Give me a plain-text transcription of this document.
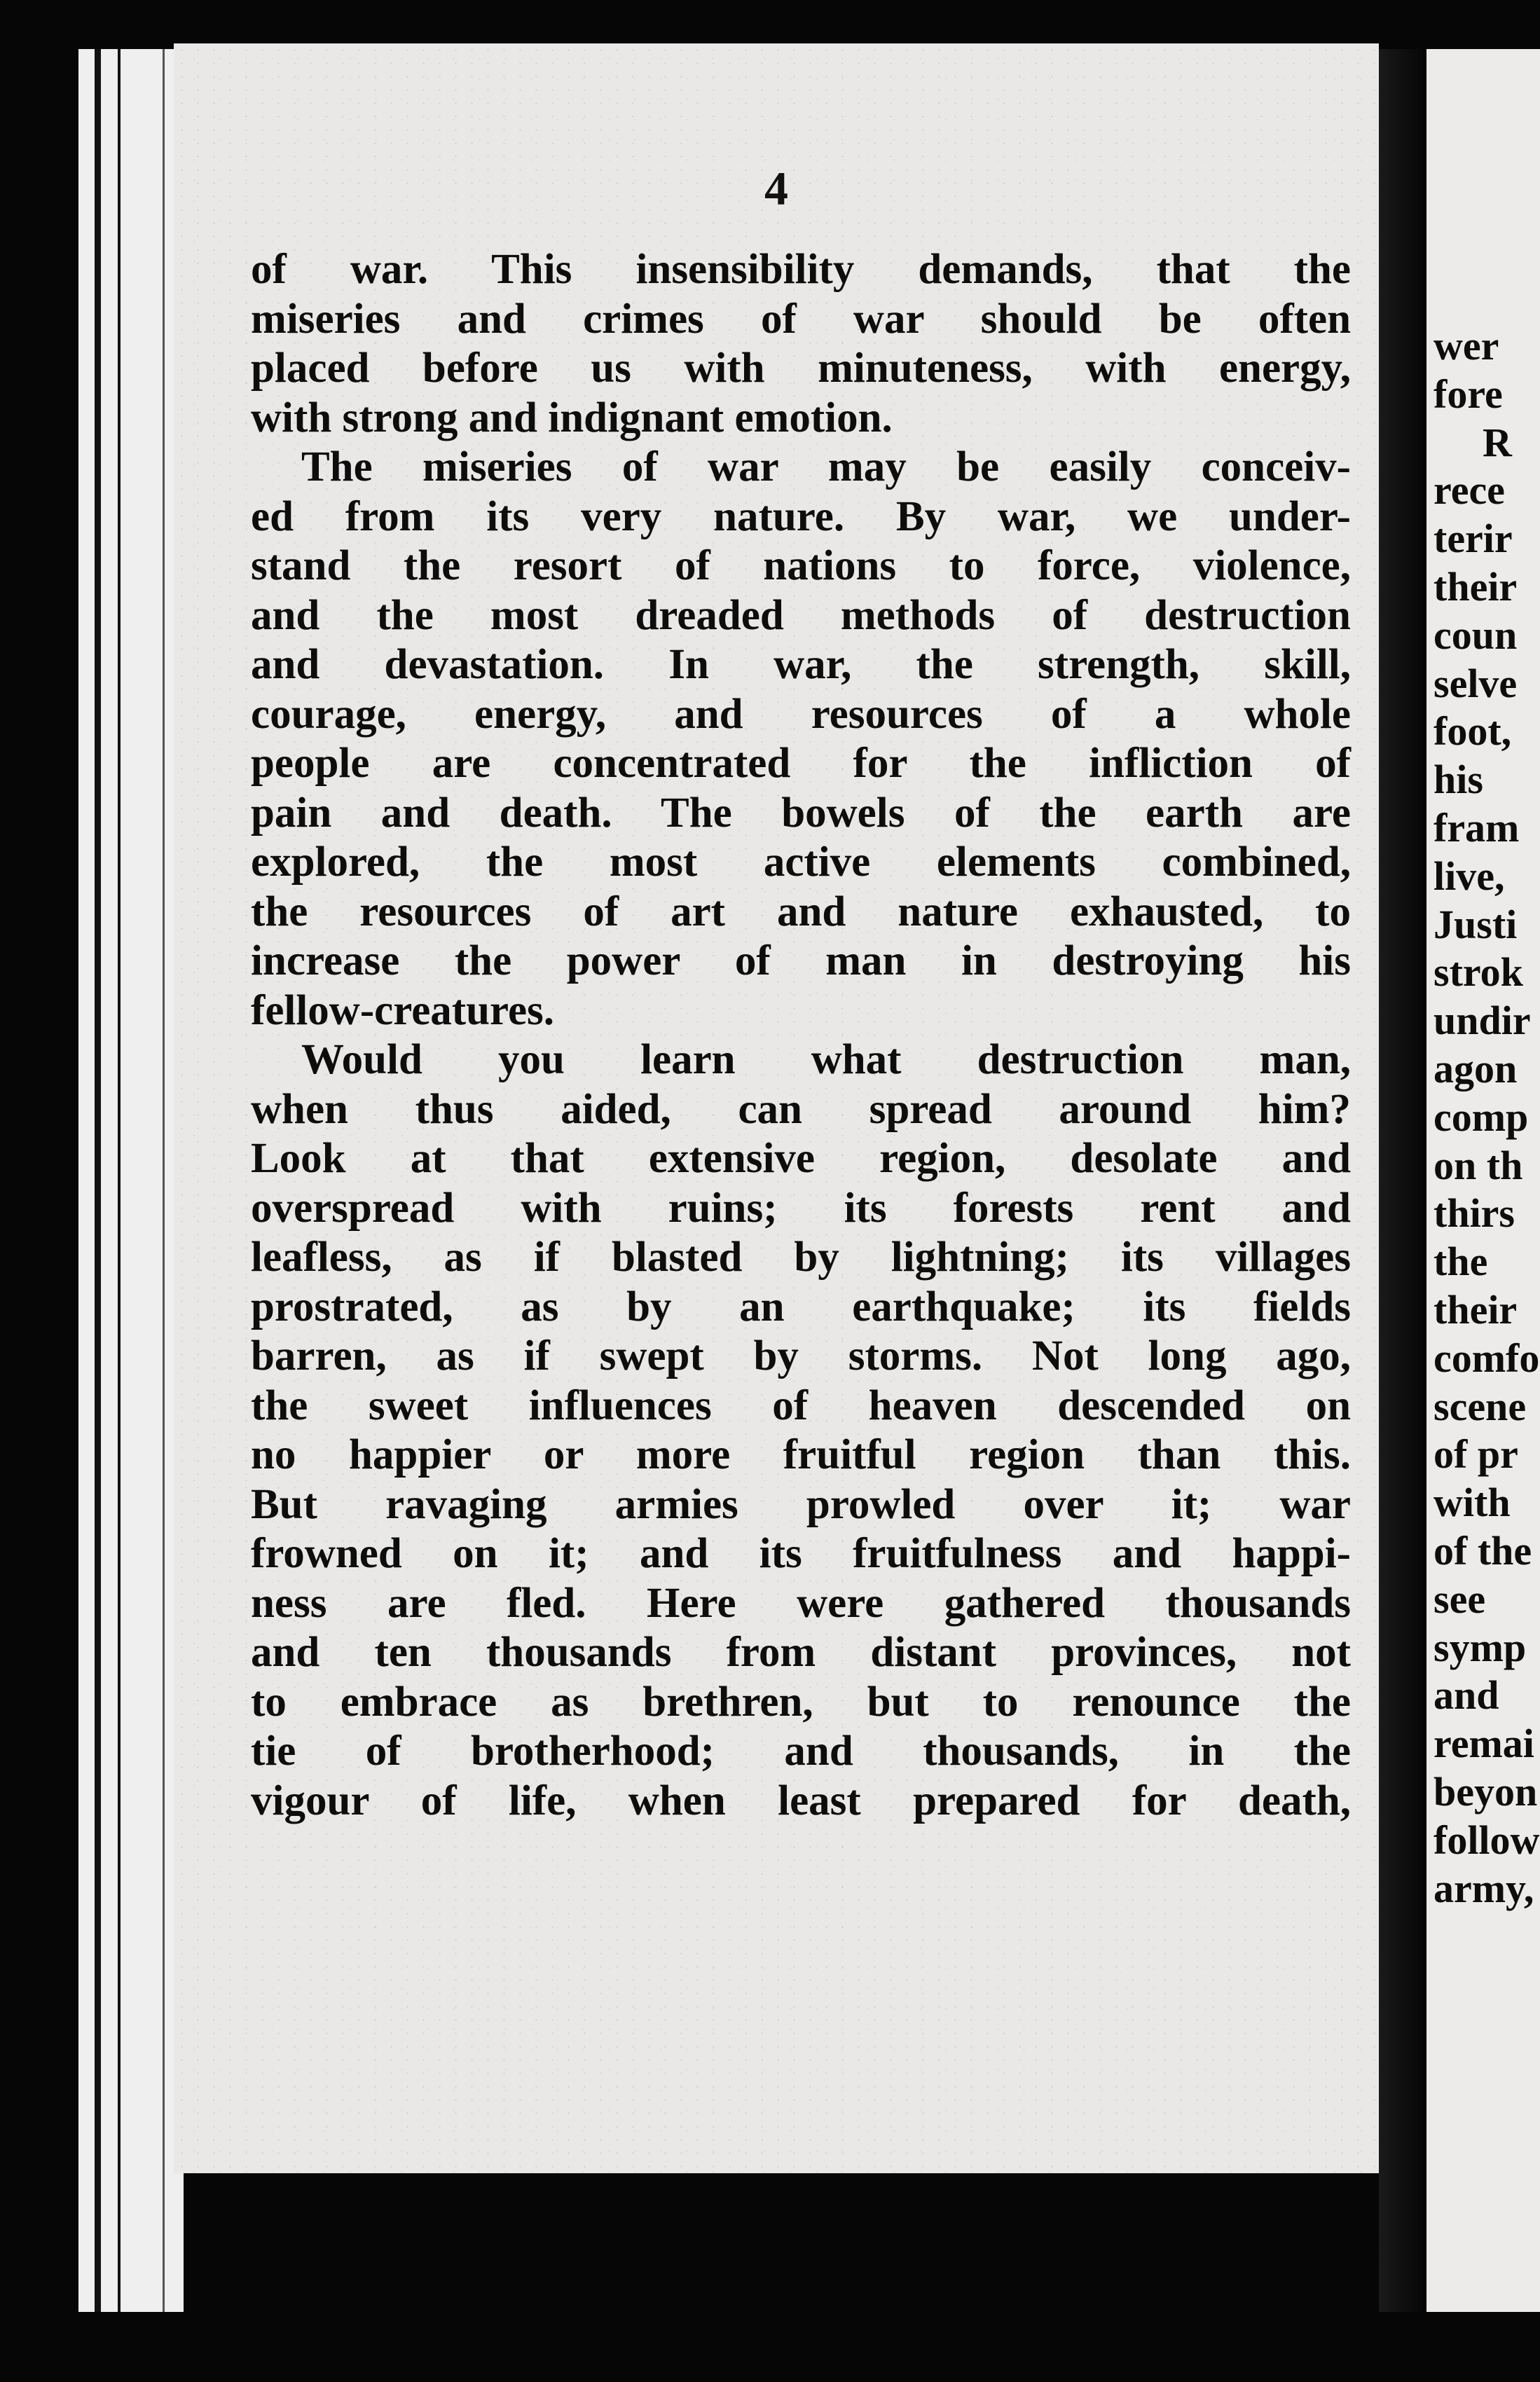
4
of war. This insensibility demands, that the
miseries and crimes of war should be often
placed before us with minuteness, with energy,
with strong and indignant emotion.
The miseries of war may be easily conceiv-
ed from its very nature. By war, we under-
stand the resort of nations to force, violence,
and the most dreaded methods of destruction
and devastation. In war, the strength, skill,
courage, energy, and resources of a whole
people are concentrated for the infliction of
pain and death. The bowels of the earth are
explored, the most active elements combined,
the resources of art and nature exhausted, to
increase the power of man in destroying his
fellow-creatures.
Would you learn what destruction man,
when thus aided, can spread around him?
Look at that extensive region, desolate and
overspread with ruins; its forests rent and
leafless, as if blasted by lightning; its villages
prostrated, as by an earthquake; its fields
barren, as if swept by storms. Not long ago,
the sweet influences of heaven descended on
no happier or more fruitful region than this.
But ravaging armies prowled over it; war
frowned on it; and its fruitfulness and happi-
ness are fled. Here were gathered thousands
and ten thousands from distant provinces, not
to embrace as brethren, but to renounce the
tie of brotherhood; and thousands, in the
vigour of life, when least prepared for death,
wer
fore
R
rece
terir
their
coun
selve
foot,
his
fram
live,
Justi
strok
undir
agon
comp
on th
thirs
the
their
comfo
scene
of pr
with
of the
see
symp
and
remai
beyon
follow
army,
